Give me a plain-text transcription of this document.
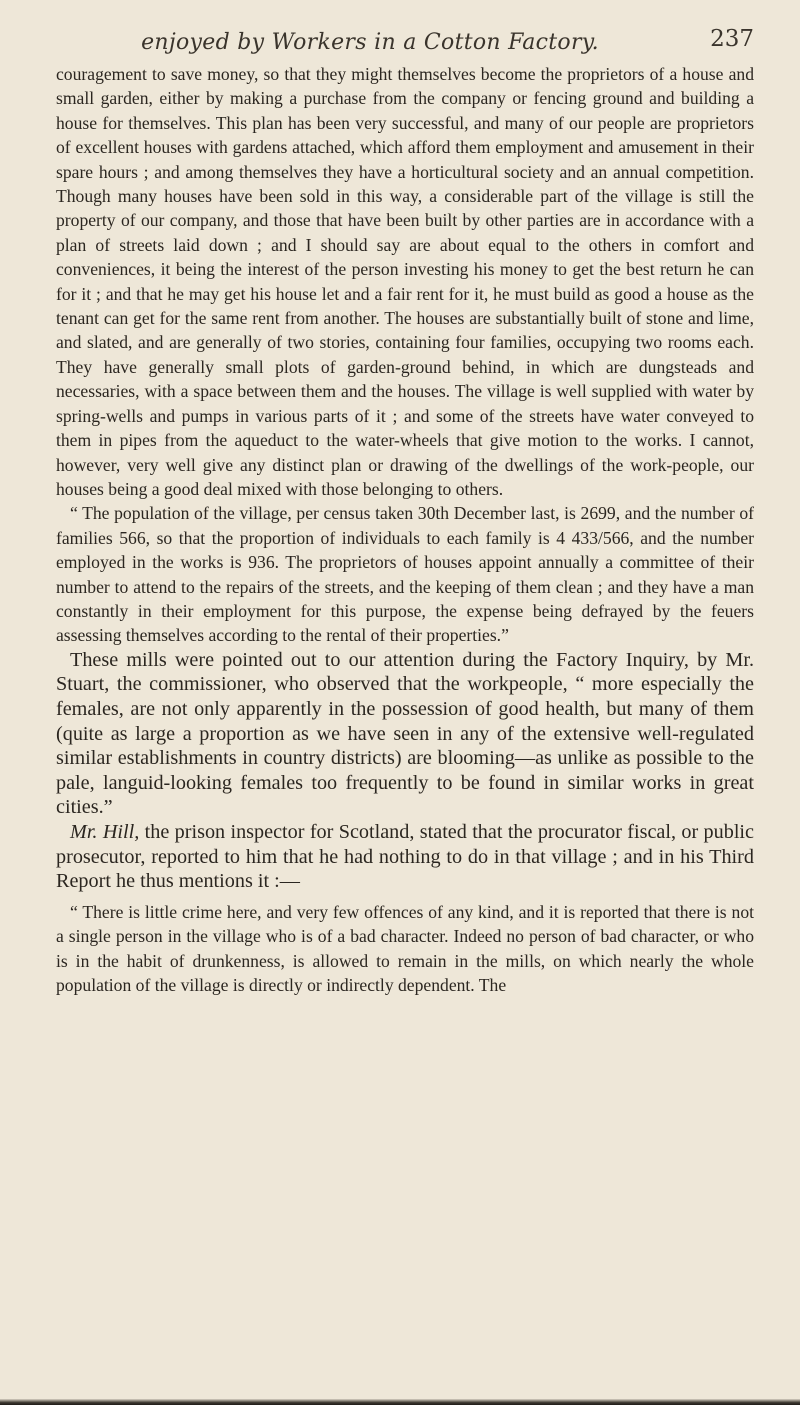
enjoyed by Workers in a Cotton Factory.	237

couragement to save money, so that they might themselves become the proprietors of a house and small garden, either by making a purchase from the company or fencing ground and building a house for themselves. This plan has been very successful, and many of our people are proprietors of excellent houses with gardens attached, which afford them employment and amusement in their spare hours ; and among themselves they have a horticultural society and an annual competition. Though many houses have been sold in this way, a considerable part of the village is still the property of our company, and those that have been built by other parties are in accordance with a plan of streets laid down ; and I should say are about equal to the others in comfort and conveniences, it being the interest of the person investing his money to get the best return he can for it ; and that he may get his house let and a fair rent for it, he must build as good a house as the tenant can get for the same rent from another. The houses are substantially built of stone and lime, and slated, and are generally of two stories, containing four families, occupying two rooms each. They have generally small plots of garden-ground behind, in which are dungsteads and necessaries, with a space between them and the houses. The village is well supplied with water by spring-wells and pumps in various parts of it ; and some of the streets have water conveyed to them in pipes from the aqueduct to the water-wheels that give motion to the works. I cannot, however, very well give any distinct plan or drawing of the dwellings of the work-people, our houses being a good deal mixed with those belonging to others.

“ The population of the village, per census taken 30th December last, is 2699, and the number of families 566, so that the proportion of individuals to each family is 4 433/566, and the number employed in the works is 936. The proprietors of houses appoint annually a committee of their number to attend to the repairs of the streets, and the keeping of them clean ; and they have a man constantly in their employment for this purpose, the expense being defrayed by the feuers assessing themselves according to the rental of their properties.”

These mills were pointed out to our attention during the Factory Inquiry, by Mr. Stuart, the commissioner, who observed that the workpeople, “ more especially the females, are not only apparently in the possession of good health, but many of them (quite as large a proportion as we have seen in any of the extensive well-regulated similar establishments in country districts) are blooming—as unlike as possible to the pale, languid-looking females too frequently to be found in similar works in great cities.”

Mr. Hill, the prison inspector for Scotland, stated that the procurator fiscal, or public prosecutor, reported to him that he had nothing to do in that village ; and in his Third Report he thus mentions it :—

“ There is little crime here, and very few offences of any kind, and it is reported that there is not a single person in the village who is of a bad character. Indeed no person of bad character, or who is in the habit of drunkenness, is allowed to remain in the mills, on which nearly the whole population of the village is directly or indirectly dependent. The
